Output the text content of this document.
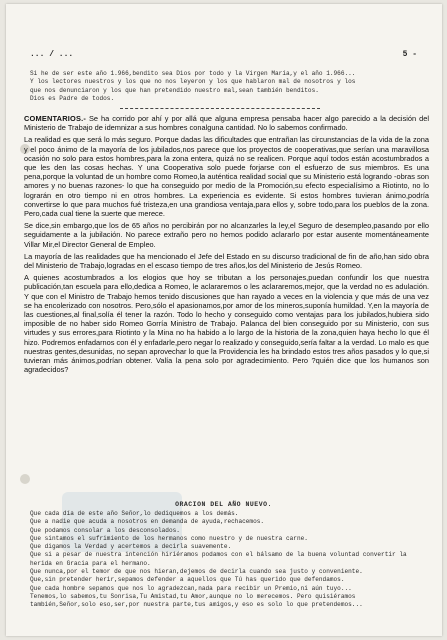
... / ...	5 -
Si he de ser este año 1.966,bendito sea Dios por todo y la Virgen María,y el año 1.966...
Y los lectores nuestros y los que no nos leyeron y los que hablaron mal de nosotros y los
que nos denunciaron y los que han pretendido nuestro mal,sean también benditos.
Dios es Padre de todos.

COMENTARIOS.- Se ha corrido por ahí y por allá que alguna empresa pensaba hacer algo parecido a la decisión del Ministerio de Trabajo de idemnizar a sus hombres conalguna cantidad. No lo sabemos confirmado.

La realidad es que será lo más seguro. Porque dadas las dificultades que entrañan las circunstancias de la vida de la zona y el poco ánimo de la mayoría de los jubilados,nos parece que los proyectos de cooperativas,que serían una maravillosa ocasión no solo para estos hombres,para la zona entera, quizá no se realicen. Porque aquí todos están acostumbrados a que les den las cosas hechas. Y una Cooperativa solo puede forjarse con el esfuerzo de sus miembros. Es una pena,porque la voluntad de un hombre como Romeo,la auténtica realidad social que su Ministerio está logrando -obras son amores y no buenas razones- lo que ha conseguido por medio de la Promoción,su efecto especialísimo a Riotinto, no lo lograrán en otro tiempo ni en otros hombres. La experiencia es evidente. Si estos hombres tuvieran ánimo,podría convertirse lo que para muchos fué tristeza,en una grandiosa ventaja,para ellos y, sobre todo,para los pueblos de la zona. Pero,cada cual tiene la suerte que merece.

Se dice,sin embargo,que los de 65 años no percibirán por no alcanzarles la ley,el Seguro de desempleo,pasando por ello seguidamente a la jubilación. No parece extraño pero no hemos podido aclararlo por estar ausente momentáneamente Villar Mir,el Director General de Empleo.

La mayoría de las realidades que ha mencionado el Jefe del Estado en su discurso tradicional de fin de año,han sido obra del Ministerio de Trabajo,logradas en el escaso tiempo de tres años,los del Ministerio de Jesús Romeo.

A quienes acostumbrados a los elogios que hoy se tributan a los personajes,puedan confundir los que nuestra publicación,tan escuela para ello,dedica a Romeo, le aclararemos o les aclararemos,mejor, que la verdad no es adulación. Y que con el Ministro de Trabajo hemos tenido discusiones que han rayado a veces en la violencia y que más de una vez se ha encolerizado con nosotros. Pero,sólo el apasionamos,por amor de los mineros,suponía humildad. Y,en la mayoría de las cuestiones,al final,solía él tener la razón. Todo lo hecho y conseguido como ventajas para los jubilados,hubiera sido imposible de no haber sido Romeo Gorría Ministro de Trabajo. Palanca del bien conseguido por su Ministerio, con sus virtudes y sus errores,para Riotinto y la Mina no ha habido a lo largo de la historia de la zona,quien haya hecho lo que él hizo. Podremos enfadarnos con él y enfadarle,pero negar lo realizado y conseguido,sería faltar a la verdad. Lo malo es que nuestras gentes,desunidas, no sepan aprovechar lo que la Providencia les ha brindado estos tres años pasados y lo que,si tuvieran más ánimos,podrían obtener. Valía la pena solo por agradecimiento. Pero ?quién dice que los humanos son agradecidos?

ORACION DEL AÑO NUEVO.
Que cada día de este año Señor,lo dediquemos a los demás.
Que a nadie que acuda a nosotros en demanda de ayuda,rechacemos.
Que podamos consolar a los desconsolados.
Que sintamos el sufrimiento de los hermanos como nuestro y de nuestra carne.
Que digamos la Verdad y acertemos a decirla suavemente.
Que si a pesar de nuestra intención hiriéramos podamos con el bálsamo de la buena voluntad convertir la herida en Gracia para el hermano.
Que nunca,por el temor de que nos hieran,dejemos de decirla cuando sea justo y conveniente.
Que,sin pretender herir,sepamos defender a aquellos que Tú has querido que defendamos.
Que cada hombre sepamos que nos lo agradezcan,nada para recibir un Premio,ni aún tuyo...
Tenemos,lo sabemos,tu Sonrisa,Tu Amistad,tu Amor,aunque no lo merecemos. Pero quisiéramos
también,Señor,solo eso,ser,por nuestra parte,tus amigos,y eso es solo lo que pretendemos...
